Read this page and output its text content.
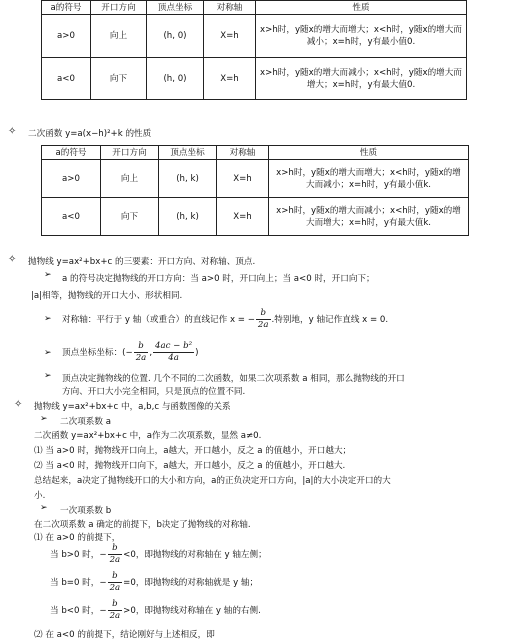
a的符号	开口方向	顶点坐标	对称轴	性质
a>0	向上	(h, 0)	X=h	x>h时，y随x的增大而增大；x<h时，y随x的增大而减小；x=h时，y有最小值0.
a<0	向下	(h, 0)	X=h	x>h时，y随x的增大而减小；x<h时，y随x的增大而增大；x=h时，y有最大值0.
✧ 二次函数 y=a(x−h)²+k 的性质
a的符号	开口方向	顶点坐标	对称轴	性质
a>0	向上	(h, k)	X=h	x>h时，y随x的增大而增大；x<h时，y随x的增大而减小；x=h时，y有最小值k.
a<0	向下	(h, k)	X=h	x>h时，y随x的增大而减小；x<h时，y随x的增大而增大；x=h时，y有最大值k.
✧ 抛物线 y=ax²+bx+c 的三要素：开口方向、对称轴、顶点.
➢ a 的符号决定抛物线的开口方向：当 a>0 时，开口向上；当 a<0 时，开口向下；
|a|相等，抛物线的开口大小、形状相同.
➢ 对称轴：平行于 y 轴（或重合）的直线记作 x = − $\frac{b}{2a}$ .特别地，y 轴记作直线 x = 0.
➢ 顶点坐标坐标：(− $\frac{b}{2a}$ , $\frac{\text{4ac − b²}}{4a}$ )
➢ 顶点决定抛物线的位置. 几个不同的二次函数，如果二次项系数 a 相同，那么抛物线的开口
方向、开口大小完全相同，只是顶点的位置不同.
✧ 抛物线 y=ax²+bx+c 中，a,b,c 与函数图像的关系
➢ 二次项系数 a
二次函数 y=ax²+bx+c 中，a作为二次项系数，显然 a≠0.
⑴ 当 a>0 时，抛物线开口向上，a越大，开口越小，反之 a 的值越小，开口越大；
⑵ 当 a<0 时，抛物线开口向下，a越大，开口越小，反之 a 的值越小，开口越大.
总结起来，a决定了抛物线开口的大小和方向，a的正负决定开口方向，|a|的大小决定开口的大
小.
➢ 一次项系数 b
在二次项系数 a 确定的前提下，b决定了抛物线的对称轴.
⑴ 在 a>0 的前提下，
当 b>0 时，− $\frac{b}{2a} <0$，即抛物线的对称轴在 y 轴左侧；
当 b=0 时，− $\frac{b}{2a} =0$，即抛物线的对称轴就是 y 轴；
当 b<0 时，− $\frac{b}{2a} >0$，即抛物线对称轴在 y 轴的右侧.
⑵ 在 a<0 的前提下，结论刚好与上述相反，即
